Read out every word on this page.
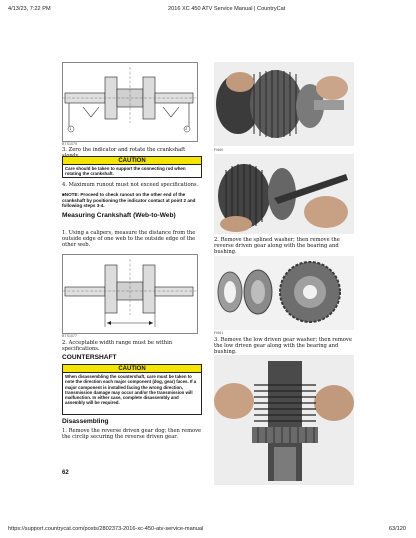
4/13/23, 7:22 PM	2016 XC 450 ATV Service Manual | CountryCat
1	2
BTS1079
3. Zero the indicator and rotate the crankshaft
CAUTION
Care should be taken to support the connecting rod when rotating the crankshaft.
4. Maximum runout must not exceed specifications.
■NOTE: Proceed to check runout on the other end of the crankshaft by positioning the indicator contact at point 2 and following steps 3-4.
Measuring Crankshaft (Web-to-Web)
1. Using a calipers, measure the distance from the outside edge of one web to the outside edge of the other web.
BTS1077
2. Acceptable width range must be within specifications.
COUNTERSHAFT
CAUTION
When disassembling the countershaft, care must be taken to note the direction each major component (dog, gear) faces. If a major component is installed facing the wrong direction, transmission damage may occur and/or the transmission will malfunction. In either case, complete disassembly and assembly will be required.
Disassembling
1. Remove the reverse driven gear dog; then remove the circlip securing the reverse driven gear.
62
FI660
2. Remove the splined washer; then remove the reverse driven gear along with the bearing and bushing.
FI661
3. Remove the low driven gear washer; then remove the low driven gear along with the bearing and bushing.
https://support.countrycat.com/posts/2802373-2016-xc-450-atv-service-manual	63/120
